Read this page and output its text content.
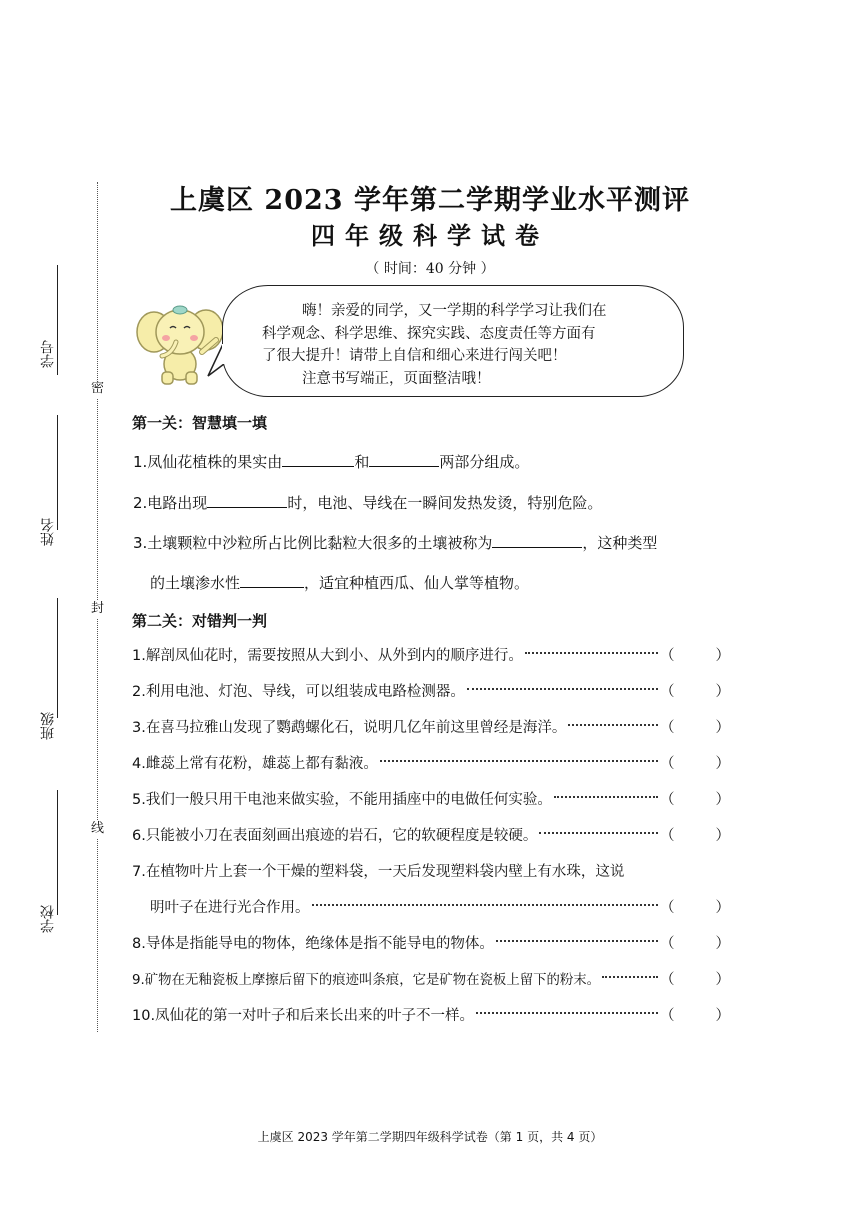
学号
姓名
班级
学校
密
封
线
上虞区 2023 学年第二学期学业水平测评
四年级科学试卷
（ 时间：40 分钟 ）
嗨！亲爱的同学，又一学期的科学学习让我们在
科学观念、科学思维、探究实践、态度责任等方面有
了很大提升！请带上自信和细心来进行闯关吧！
注意书写端正，页面整洁哦！
第一关：智慧填一填
1.凤仙花植株的果实由	和	两部分组成。
2.电路出现	时，电池、导线在一瞬间发热发烫，特别危险。
3.土壤颗粒中沙粒所占比例比黏粒大很多的土壤被称为	，这种类型
的土壤渗水性	，适宜种植西瓜、仙人掌等植物。
第二关：对错判一判
1.解剖凤仙花时，需要按照从大到小、从外到内的顺序进行。	（	）
2.利用电池、灯泡、导线，可以组装成电路检测器。	（	）
3.在喜马拉雅山发现了鹦鹉螺化石，说明几亿年前这里曾经是海洋。	（	）
4.雌蕊上常有花粉，雄蕊上都有黏液。	（	）
5.我们一般只用干电池来做实验，不能用插座中的电做任何实验。	（	）
6.只能被小刀在表面刻画出痕迹的岩石，它的软硬程度是较硬。	（	）
7.在植物叶片上套一个干燥的塑料袋，一天后发现塑料袋内壁上有水珠，这说
明叶子在进行光合作用。	（	）
8.导体是指能导电的物体，绝缘体是指不能导电的物体。	（	）
9.矿物在无釉瓷板上摩擦后留下的痕迹叫条痕，它是矿物在瓷板上留下的粉末。	（	）
10.凤仙花的第一对叶子和后来长出来的叶子不一样。	（	）
上虞区 2023 学年第二学期四年级科学试卷（第 1 页，共 4 页）
